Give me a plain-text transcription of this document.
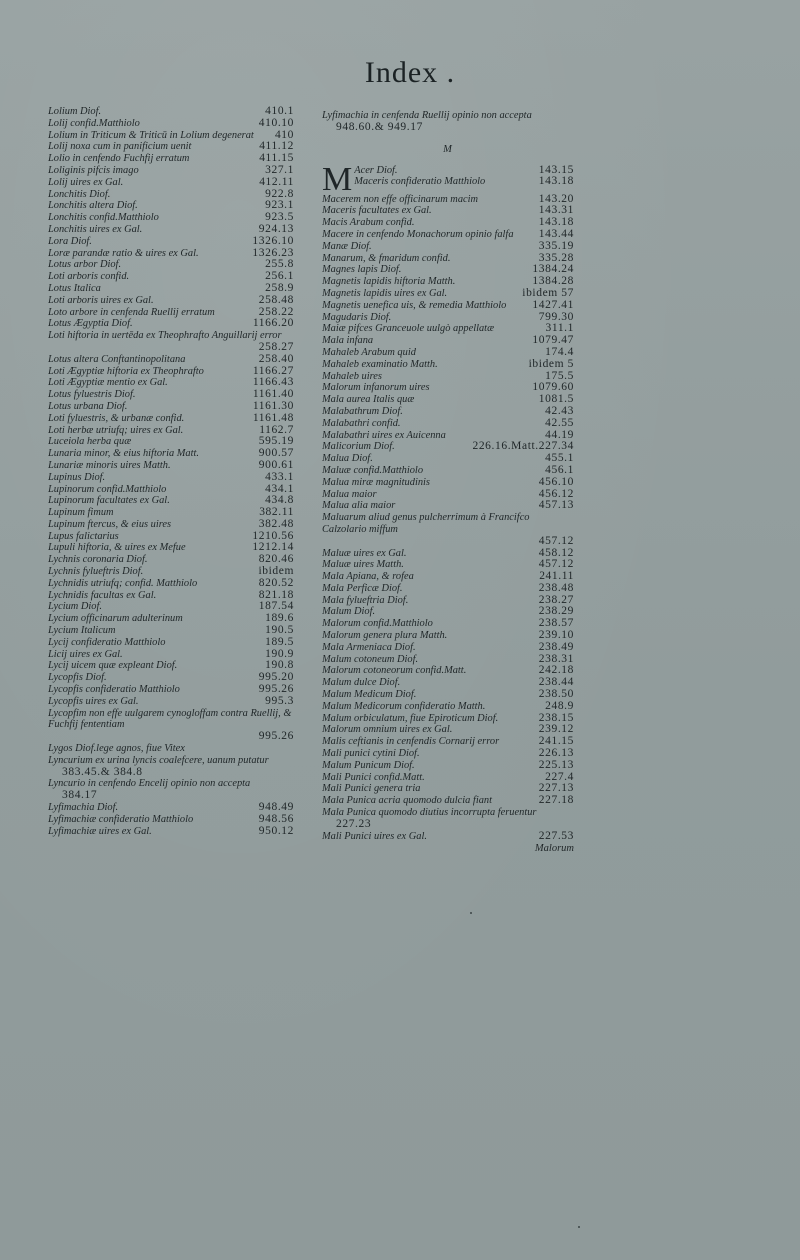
Index .
Lolium Diof.	410.1
Lolij confid.Matthiolo	410.10
Lolium in Triticum & Triticū in Lolium degenerat	410
Lolij noxa cum in panificium uenit	411.12
Lolio in cenfendo Fuchfij erratum	411.15
Loliginis pifcis imago	327.1
Lolij uires ex Gal.	412.11
Lonchitis Diof.	922.8
Lonchitis altera Diof.	923.1
Lonchitis confid.Matthiolo	923.5
Lonchitis uires ex Gal.	924.13
Lora Diof.	1326.10
Loræ parandæ ratio & uires ex Gal.	1326.23
Lotus arbor Diof.	255.8
Loti arboris confid.	256.1
Lotus Italica	258.9
Loti arboris uires ex Gal.	258.48
Loto arbore in cenfenda Ruellij erratum	258.22
Lotus Ægyptia Diof.	1166.20
Loti hiftoria in uertēda ex Theophrafto Anguillarij error
258.27
Lotus altera Conftantinopolitana	258.40
Loti Ægyptiæ hiftoria ex Theophrafto	1166.27
Loti Ægyptiæ mentio ex Gal.	1166.43
Lotus fyluestris Diof.	1161.40
Lotus urbana Diof.	1161.30
Loti fyluestris, & urbanæ confid.	1161.48
Loti herbæ utriufq; uires ex Gal.	1162.7
Luceiola herba quæ	595.19
Lunaria minor, & eius hiftoria Matt.	900.57
Lunariæ minoris uires Matth.	900.61
Lupinus Diof.	433.1
Lupinorum confid.Matthiolo	434.1
Lupinorum facultates ex Gal.	434.8
Lupinum fimum	382.11
Lupinum ftercus, & eius uires	382.48
Lupus falictarius	1210.56
Lupuli hiftoria, & uires ex Mefue	1212.14
Lychnis coronaria Diof.	820.46
Lychnis fylueftris Diof.	ibidem
Lychnidis utriufq; confid. Matthiolo	820.52
Lychnidis facultas ex Gal.	821.18
Lycium Diof.	187.54
Lycium officinarum adulterinum	189.6
Lycium Italicum	190.5
Lycij confideratio Matthiolo	189.5
Licij uires ex Gal.	190.9
Lycij uicem quæ expleant Diof.	190.8
Lycopfis Diof.	995.20
Lycopfis confideratio Matthiolo	995.26
Lycopfis uires ex Gal.	995.3
Lycopfim non effe uulgarem cynogloffam contra Ruellij, & Fuchfij fententiam
995.26
Lygos Diof.lege agnos, fiue Vitex
Lyncurium ex urina lyncis coalefcere, uanum putatur
383.45.& 384.8
Lyncurio in cenfendo Encelij opinio non accepta
384.17
Lyfimachia Diof.	948.49
Lyfimachiæ confideratio Matthiolo	948.56
Lyfimachiæ uires ex Gal.	950.12
Lyfimachia in cenfenda Ruellij opinio non accepta
948.60.& 949.17
M
M Acer Diof.	143.15
Maceris confideratio Matthiolo	143.18
Macerem non effe officinarum macim	143.20
Maceris facultates ex Gal.	143.31
Macis Arabum confid.	143.18
Macere in cenfendo Monachorum opinio falfa	143.44
Manæ Diof.	335.19
Manarum, & fmaridum confid.	335.28
Magnes lapis Diof.	1384.24
Magnetis lapidis hiftoria Matth.	1384.28
Magnetis lapidis uires ex Gal.	ibidem 57
Magnetis uenefica uis, & remedia Matthiolo	1427.41
Magudaris Diof.	799.30
Maiæ pifces Granceuole uulgò appellatæ	311.1
Mala infana	1079.47
Mahaleb Arabum quid	174.4
Mahaleb examinatio Matth.	ibidem 5
Mahaleb uires	175.5
Malorum infanorum uires	1079.60
Mala aurea Italis quæ	1081.5
Malabathrum Diof.	42.43
Malabathri confid.	42.55
Malabathri uires ex Auicenna	44.19
Malicorium Diof.	226.16.Matt.227.34
Malua Diof.	455.1
Maluæ confid.Matthiolo	456.1
Malua miræ magnitudinis	456.10
Malua maior	456.12
Malua alia maior	457.13
Maluarum aliud genus pulcherrimum à Francifco Calzolario miffum
457.12
Maluæ uires ex Gal.	458.12
Maluæ uires Matth.	457.12
Mala Apiana, & rofea	241.11
Mala Perficæ Diof.	238.48
Mala fylueftria Diof.	238.27
Malum Diof.	238.29
Malorum confid.Matthiolo	238.57
Malorum genera plura Matth.	239.10
Mala Armeniaca Diof.	238.49
Malum cotoneum Diof.	238.31
Malorum cotoneorum confid.Matt.	242.18
Malum dulce Diof.	238.44
Malum Medicum Diof.	238.50
Malum Medicorum confideratio Matth.	248.9
Malum orbiculatum, fiue Epiroticum Diof.	238.15
Malorum omnium uires ex Gal.	239.12
Malis ceftianis in cenfendis Cornarij error	241.15
Mali punici cytini Diof.	226.13
Malum Punicum Diof.	225.13
Mali Punici confid.Matt.	227.4
Mali Punici genera tria	227.13
Mala Punica acria quomodo dulcia fiant	227.18
Mala Punica quomodo diutius incorrupta feruentur
227.23
Mali Punici uires ex Gal.	227.53
Malorum
